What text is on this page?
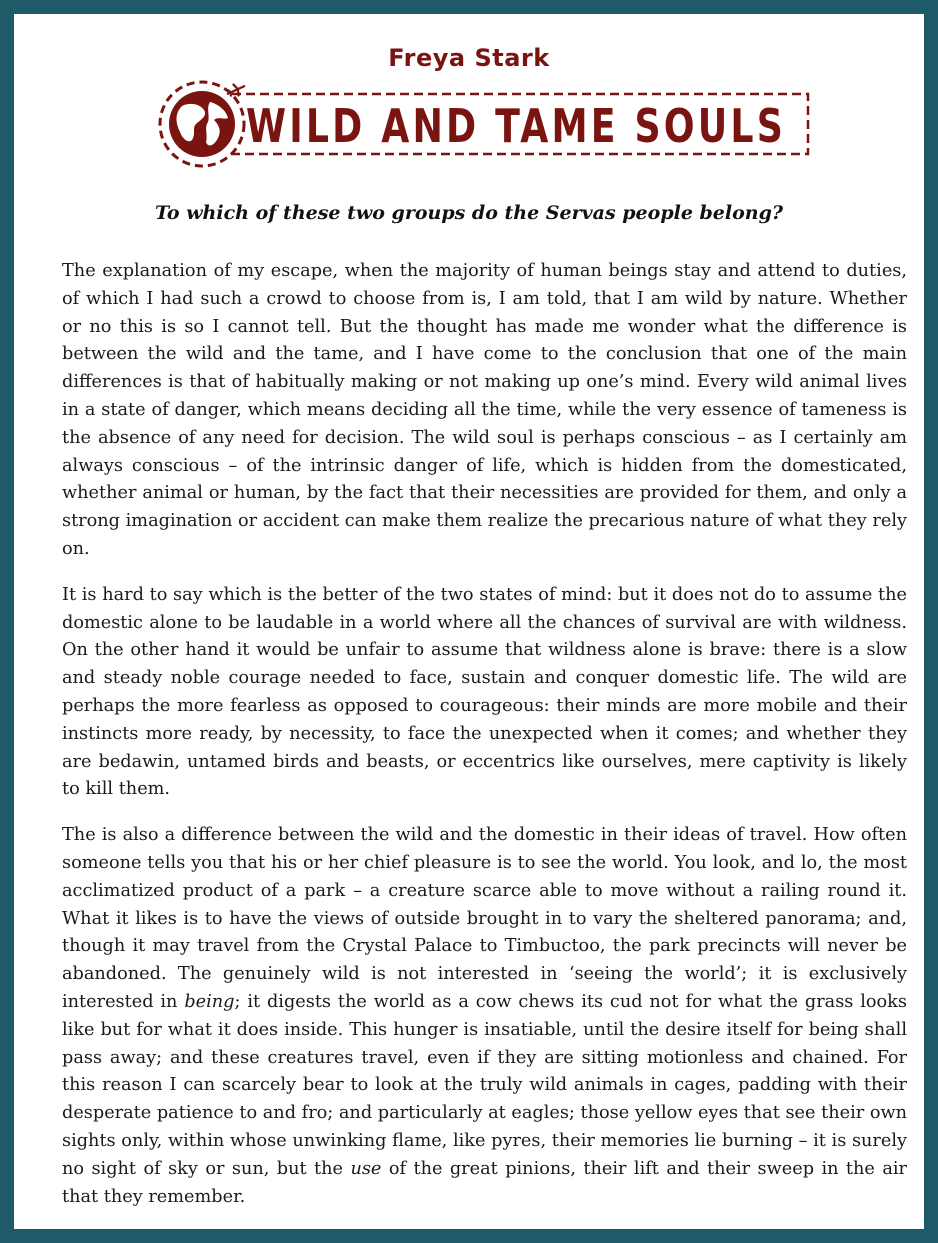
Freya Stark
WILD AND TAME SOULS
To which of these two groups do the Servas people belong?

The explanation of my escape, when the majority of human beings stay and attend to duties, of which I had such a crowd to choose from is, I am told, that I am wild by nature. Whether or no this is so I cannot tell. But the thought has made me wonder what the difference is between the wild and the tame, and I have come to the conclusion that one of the main differences is that of habitually making or not making up one’s mind. Every wild animal lives in a state of danger, which means deciding all the time, while the very essence of tameness is the absence of any need for decision. The wild soul is perhaps conscious – as I certainly am always conscious – of the intrinsic danger of life, which is hidden from the domesticated, whether animal or human, by the fact that their necessities are provided for them, and only a strong imagination or accident can make them realize the precarious nature of what they rely on.

It is hard to say which is the better of the two states of mind: but it does not do to assume the domestic alone to be laudable in a world where all the chances of survival are with wildness. On the other hand it would be unfair to assume that wildness alone is brave: there is a slow and steady noble courage needed to face, sustain and conquer domestic life. The wild are perhaps the more fearless as opposed to courageous: their minds are more mobile and their instincts more ready, by necessity, to face the unexpected when it comes; and whether they are bedawin, untamed birds and beasts, or eccentrics like ourselves, mere captivity is likely to kill them.

The is also a difference between the wild and the domestic in their ideas of travel. How often someone tells you that his or her chief pleasure is to see the world. You look, and lo, the most acclimatized product of a park – a creature scarce able to move without a railing round it. What it likes is to have the views of outside brought in to vary the sheltered panorama; and, though it may travel from the Crystal Palace to Timbuctoo, the park precincts will never be abandoned. The genuinely wild is not interested in ‘seeing the world’; it is exclusively interested in being; it digests the world as a cow chews its cud not for what the grass looks like but for what it does inside. This hunger is insatiable, until the desire itself for being shall pass away; and these creatures travel, even if they are sitting motionless and chained. For this reason I can scarcely bear to look at the truly wild animals in cages, padding with their desperate patience to and fro; and particularly at eagles; those yellow eyes that see their own sights only, within whose unwinking flame, like pyres, their memories lie burning – it is surely no sight of sky or sun, but the use of the great pinions, their lift and their sweep in the air that they remember.
